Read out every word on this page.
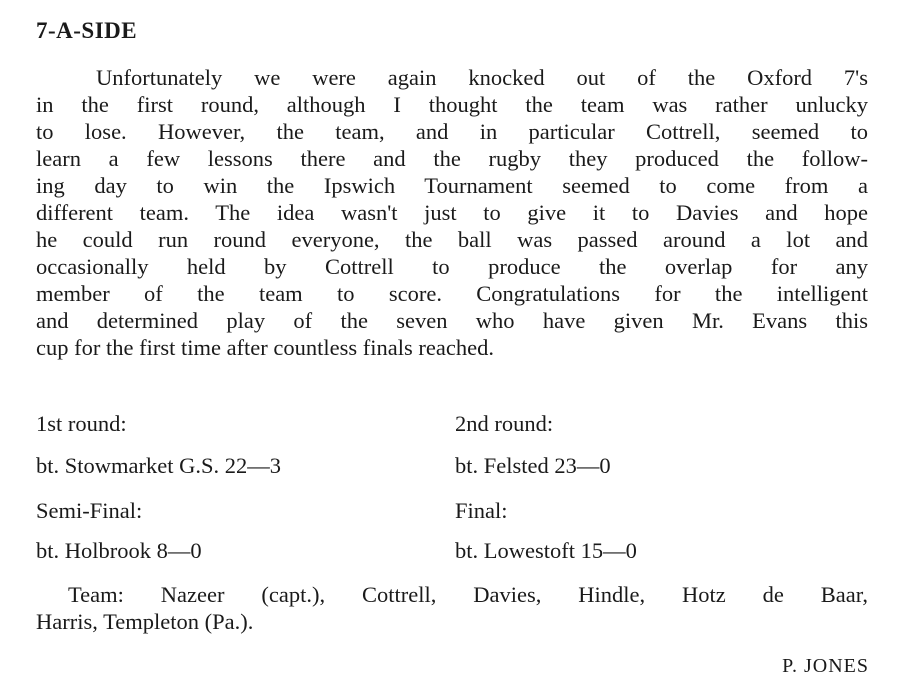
7-A-SIDE

Unfortunately we were again knocked out of the Oxford 7's

in the first round, although I thought the team was rather unlucky

to lose. However, the team, and in particular Cottrell, seemed to

learn a few lessons there and the rugby they produced the follow-

ing day to win the Ipswich Tournament seemed to come from a

different team. The idea wasn't just to give it to Davies and hope

he could run round everyone, the ball was passed around a lot and

occasionally held by Cottrell to produce the overlap for any

member of the team to score. Congratulations for the intelligent

and determined play of the seven who have given Mr. Evans this

cup for the first time after countless finals reached.

1st round:

bt. Stowmarket G.S. 22—3

2nd round:

bt. Felsted 23—0

Semi-Final:

bt. Holbrook 8—0

Final:

bt. Lowestoft 15—0

Team: Nazeer (capt.), Cottrell, Davies, Hindle, Hotz de Baar,

Harris, Templeton (Pa.).

P. JONES
